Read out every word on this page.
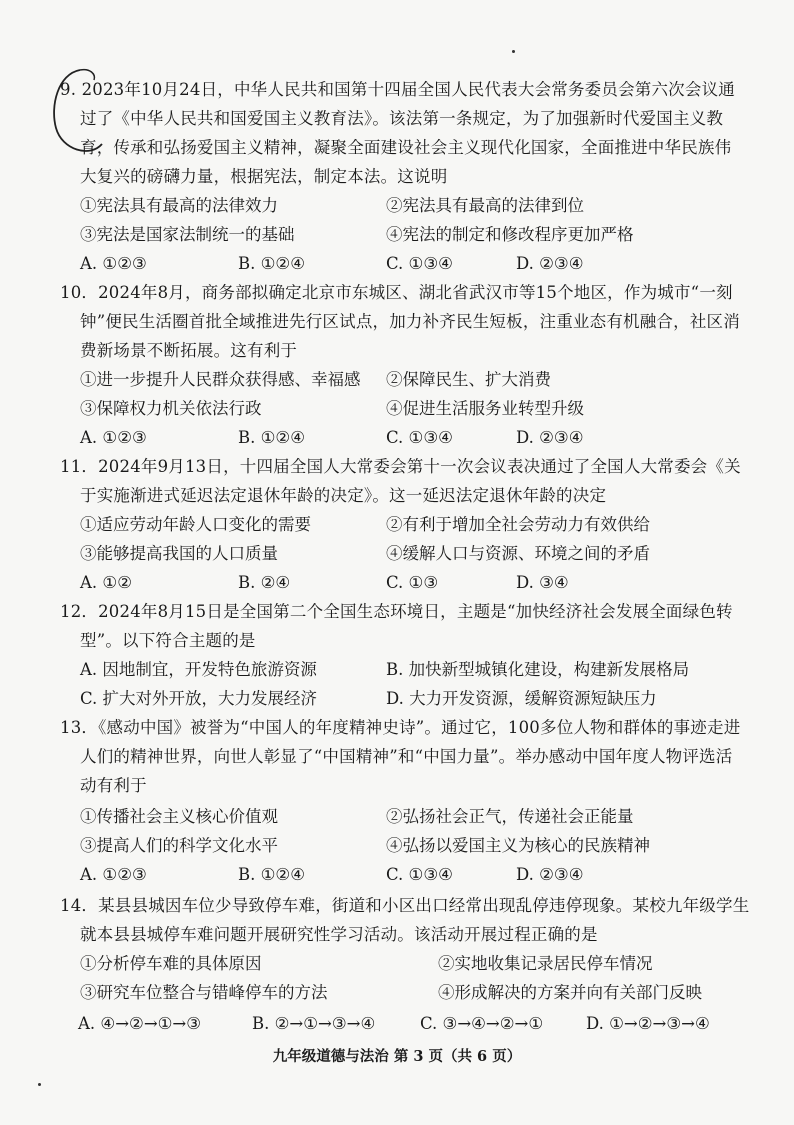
9. 2023年10月24日，中华人民共和国第十四届全国人民代表大会常务委员会第六次会议通
过了《中华人民共和国爱国主义教育法》。该法第一条规定，为了加强新时代爱国主义教
育，传承和弘扬爱国主义精神，凝聚全面建设社会主义现代化国家，全面推进中华民族伟
大复兴的磅礴力量，根据宪法，制定本法。这说明
①宪法具有最高的法律效力	②宪法具有最高的法律到位
③宪法是国家法制统一的基础	④宪法的制定和修改程序更加严格
A. ①②③	B. ①②④	C. ①③④	D. ②③④
10．2024年8月，商务部拟确定北京市东城区、湖北省武汉市等15个地区，作为城市“一刻
钟”便民生活圈首批全域推进先行区试点，加力补齐民生短板，注重业态有机融合，社区消
费新场景不断拓展。这有利于
①进一步提升人民群众获得感、幸福感 ②保障民生、扩大消费
③保障权力机关依法行政	④促进生活服务业转型升级
A. ①②③	B. ①②④	C. ①③④	D. ②③④
11．2024年9月13日，十四届全国人大常委会第十一次会议表决通过了全国人大常委会《关
于实施渐进式延迟法定退休年龄的决定》。这一延迟法定退休年龄的决定
①适应劳动年龄人口变化的需要	②有利于增加全社会劳动力有效供给
③能够提高我国的人口质量	④缓解人口与资源、环境之间的矛盾
A. ①②	B. ②④	C. ①③	D. ③④
12．2024年8月15日是全国第二个全国生态环境日，主题是“加快经济社会发展全面绿色转
型”。以下符合主题的是
A. 因地制宜，开发特色旅游资源	B. 加快新型城镇化建设，构建新发展格局
C. 扩大对外开放，大力发展经济	D. 大力开发资源，缓解资源短缺压力
13．《感动中国》被誉为“中国人的年度精神史诗”。通过它，100多位人物和群体的事迹走进
人们的精神世界，向世人彰显了“中国精神”和“中国力量”。举办感动中国年度人物评选活
动有利于
①传播社会主义核心价值观	②弘扬社会正气，传递社会正能量
③提高人们的科学文化水平	④弘扬以爱国主义为核心的民族精神
A. ①②③	B. ①②④	C. ①③④	D. ②③④
14．某县县城因车位少导致停车难，街道和小区出口经常出现乱停违停现象。某校九年级学生
就本县县城停车难问题开展研究性学习活动。该活动开展过程正确的是
①分析停车难的具体原因	②实地收集记录居民停车情况
③研究车位整合与错峰停车的方法	④形成解决的方案并向有关部门反映
A. ④→②→①→③	B. ②→①→③→④	C. ③→④→②→①	D. ①→②→③→④
九年级道德与法治 第 3 页（共 6 页）
